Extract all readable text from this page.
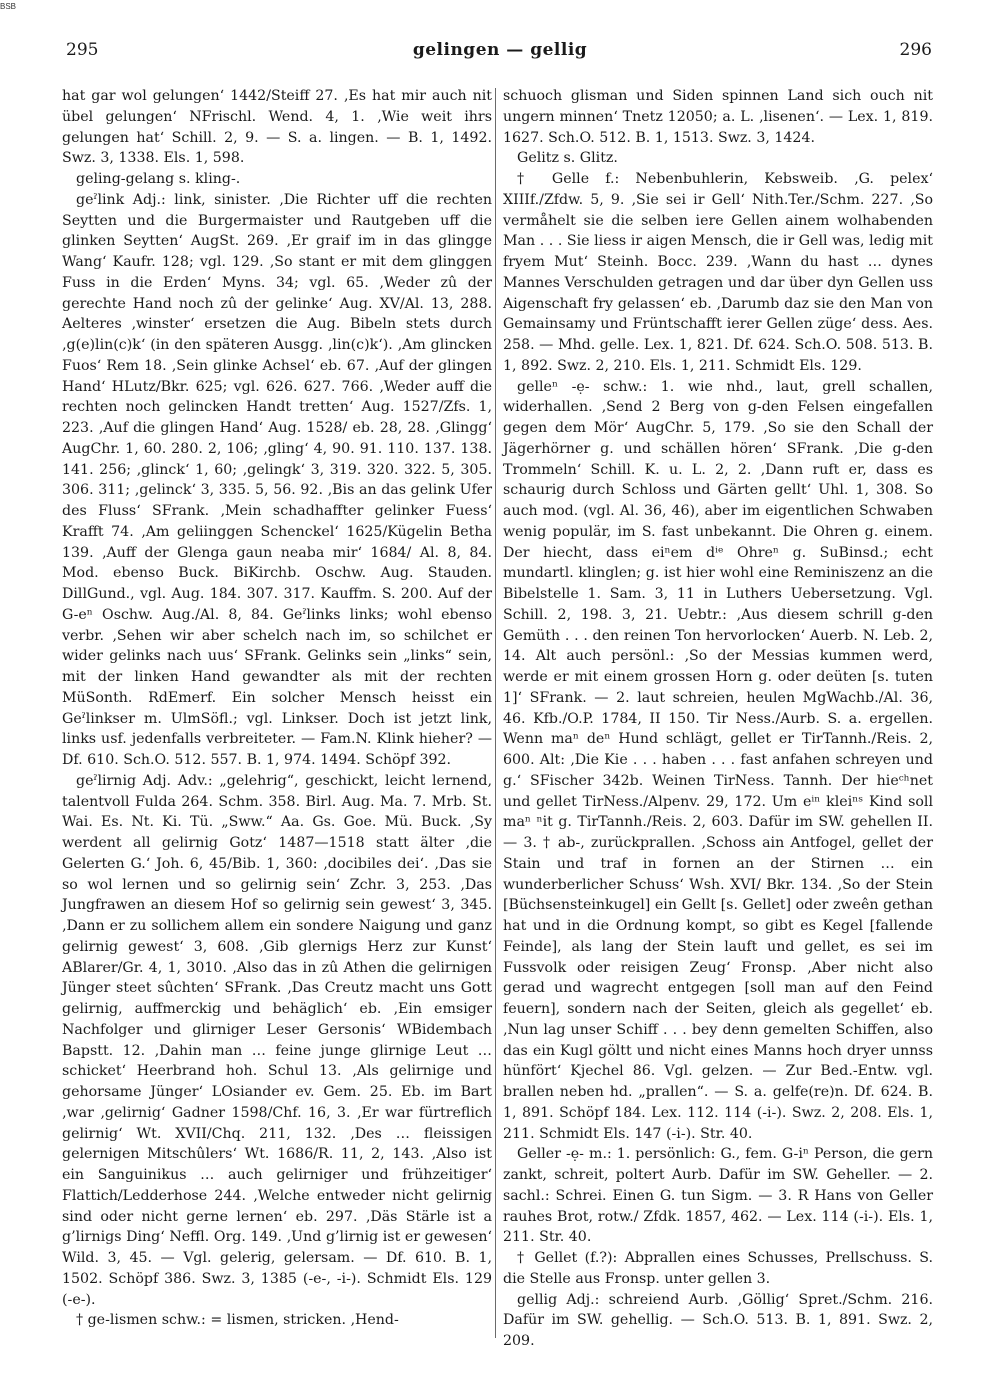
BSB
295	gelingen — gellig	296

hat gar wol gelungen‘ 1442/Steiff 27. ‚Es hat mir auch nit übel gelungen‘ NFrischl. Wend. 4, 1. ‚Wie weit ihrs gelungen hat‘ Schill. 2, 9. — S. a. lingen. — B. 1, 1492. Swz. 3, 1338. Els. 1, 598.

geling-gelang s. kling-.

geˀlink Adj.: link, sinister. ‚Die Richter uff die rechten Seytten und die Burgermaister und Rautgeben uff die glinken Seytten‘ AugSt. 269. ‚Er graif im in das glingge Wang‘ Kaufr. 128; vgl. 129. ‚So stant er mit dem glinggen Fuss in die Erden‘ Myns. 34; vgl. 65. ‚Weder zû der gerechte Hand noch zû der gelinke‘ Aug. XV/Al. 13, 288. Aelteres ‚winster‘ ersetzen die Aug. Bibeln stets durch ‚g(e)lin(c)k‘ (in den späteren Ausgg. ‚lin(c)k‘). ‚Am glincken Fuos‘ Rem 18. ‚Sein glinke Achsel‘ eb. 67. ‚Auf der glingen Hand‘ HLutz/Bkr. 625; vgl. 626. 627. 766. ‚Weder auff die rechten noch gelincken Handt tretten‘ Aug. 1527/Zfs. 1, 223. ‚Auf die glingen Hand‘ Aug. 1528/ eb. 28, 28. ‚Glingg‘ AugChr. 1, 60. 280. 2, 106; ‚gling‘ 4, 90. 91. 110. 137. 138. 141. 256; ‚glinck‘ 1, 60; ‚gelingk‘ 3, 319. 320. 322. 5, 305. 306. 311; ‚gelinck‘ 3, 335. 5, 56. 92. ‚Bis an das gelink Ufer des Fluss‘ SFrank. ‚Mein schadhaffter gelinker Fuess‘ Krafft 74. ‚Am geliinggen Schenckel‘ 1625/Kügelin Betha 139. ‚Auff der Glenga gaun neaba mir‘ 1684/ Al. 8, 84. Mod. ebenso Buck. BiKirchb. Oschw. Aug. Stauden. DillGund., vgl. Aug. 184. 307. 317. Kauffm. S. 200. Auf der G-eⁿ Oschw. Aug./Al. 8, 84. Geˀlinks links; wohl ebenso verbr. ‚Sehen wir aber schelch nach im, so schilchet er wider gelinks nach uus‘ SFrank. Gelinks sein „links“ sein, mit der linken Hand gewandter als mit der rechten MüSonth. RdEmerf. Ein solcher Mensch heisst ein Geˀlinkser m. UlmSöfl.; vgl. Linkser. Doch ist jetzt link, links usf. jedenfalls verbreiteter. — Fam.N. Klink hieher? — Df. 610. Sch.O. 512. 557. B. 1, 974. 1494. Schöpf 392.

geˀlirnig Adj. Adv.: „gelehrig“, geschickt, leicht lernend, talentvoll Fulda 264. Schm. 358. Birl. Aug. Ma. 7. Mrb. St. Wai. Es. Nt. Ki. Tü. „Sww.“ Aa. Gs. Goe. Mü. Buck. ‚Sy werdent all gelirnig Gotz‘ 1487—1518 statt älter ‚die Gelerten G.‘ Joh. 6, 45/Bib. 1, 360: ‚docibiles dei‘. ‚Das sie so wol lernen und so gelirnig sein‘ Zchr. 3, 253. ‚Das Jungfrawen an diesem Hof so gelirnig sein gewest‘ 3, 345. ‚Dann er zu sollichem allem ein sondere Naigung und ganz gelirnig gewest‘ 3, 608. ‚Gib glernigs Herz zur Kunst‘ ABlarer/Gr. 4, 1, 3010. ‚Also das in zû Athen die gelirnigen Jünger steet sûchten‘ SFrank. ‚Das Creutz macht uns Gott gelirnig, auffmerckig und behäglich‘ eb. ‚Ein emsiger Nachfolger und glirniger Leser Gersonis‘ WBidembach Bapstt. 12. ‚Dahin man … feine junge glirnige Leut … schicket‘ Heerbrand hoh. Schul 13. ‚Als gelirnige und gehorsame Jünger‘ LOsiander ev. Gem. 25. Eb. im Bart ‚war ‚gelirnig‘ Gadner 1598/Chf. 16, 3. ‚Er war fürtreflich gelirnig‘ Wt. XVII/Chq. 211, 132. ‚Des … fleissigen gelernigen Mitschûlers‘ Wt. 1686/R. 11, 2, 143. ‚Also ist ein Sanguinikus … auch gelirniger und frühzeitiger‘ Flattich/Ledderhose 244. ‚Welche entweder nicht gelirnig sind oder nicht gerne lernen‘ eb. 297. ‚Däs Stärle ist a g’lirnigs Ding‘ Neffl. Org. 149. ‚Und g’lirnig ist er gewesen‘ Wild. 3, 45. — Vgl. gelerig, gelersam. — Df. 610. B. 1, 1502. Schöpf 386. Swz. 3, 1385 (-e-, -i-). Schmidt Els. 129 (-e-).

† ge-lismen schw.: = lismen, stricken. ‚Hend-

schuoch glisman und Siden spinnen Land sich ouch nit ungern minnen‘ Tnetz 12050; a. L. ‚lisenen‘. — Lex. 1, 819. 1627. Sch.O. 512. B. 1, 1513. Swz. 3, 1424.

Gelitz s. Glitz.

† Gelle f.: Nebenbuhlerin, Kebsweib. ‚G. pelex‘ XIIIf./Zfdw. 5, 9. ‚Sie sei ir Gell‘ Nith.Ter./Schm. 227. ‚So vermåhelt sie die selben iere Gellen ainem wolhabenden Man . . . Sie liess ir aigen Mensch, die ir Gell was, ledig mit fryem Mut‘ Steinh. Bocc. 239. ‚Wann du hast … dynes Mannes Verschulden getragen und dar über dyn Gellen uss Aigenschaft fry gelassen‘ eb. ‚Darumb daz sie den Man von Gemainsamy und Früntschafft ierer Gellen züge‘ dess. Aes. 258. — Mhd. gelle. Lex. 1, 821. Df. 624. Sch.O. 508. 513. B. 1, 892. Swz. 2, 210. Els. 1, 211. Schmidt Els. 129.

gelleⁿ -ẹ- schw.: 1. wie nhd., laut, grell schallen, widerhallen. ‚Send 2 Berg von g-den Felsen eingefallen gegen dem Mör‘ AugChr. 5, 179. ‚So sie den Schall der Jägerhörner g. und schällen hören‘ SFrank. ‚Die g-den Trommeln‘ Schill. K. u. L. 2, 2. ‚Dann ruft er, dass es schaurig durch Schloss und Gärten gellt‘ Uhl. 1, 308. So auch mod. (vgl. Al. 36, 46), aber im eigentlichen Schwaben wenig populär, im S. fast unbekannt. Die Ohren g. einem. Der hiecht, dass eiⁿem dⁱᵉ Ohreⁿ g. SuBinsd.; echt mundartl. klinglen; g. ist hier wohl eine Reminiszenz an die Bibelstelle 1. Sam. 3, 11 in Luthers Uebersetzung. Vgl. Schill. 2, 198. 3, 21. Uebtr.: ‚Aus diesem schrill g-den Gemüth . . . den reinen Ton hervorlocken‘ Auerb. N. Leb. 2, 14. Alt auch persönl.: ‚So der Messias kummen werd, werde er mit einem grossen Horn g. oder deüten [s. tuten 1]‘ SFrank. — 2. laut schreien, heulen MgWachb./Al. 36, 46. Kfb./O.P. 1784, II 150. Tir Ness./Aurb. S. a. ergellen. Wenn maⁿ deⁿ Hund schlägt, gellet er TirTannh./Reis. 2, 600. Alt: ‚Die Kie . . . haben . . . fast anfahen schreyen und g.‘ SFischer 342b. Weinen TirNess. Tannh. Der hieᶜʰnet und gellet TirNess./Alpenv. 29, 172. Um eⁱⁿ kleiⁿˢ Kind soll maⁿ ⁿit g. TirTannh./Reis. 2, 603. Dafür im SW. gehellen II. — 3. † ab-, zurückprallen. ‚Schoss ain Antfogel, gellet der Stain und traf in fornen an der Stirnen … ein wunderberlicher Schuss‘ Wsh. XVI/ Bkr. 134. ‚So der Stein [Büchsensteinkugel] ein Gellt [s. Gellet] oder zweên gethan hat und in die Ordnung kompt, so gibt es Kegel [fallende Feinde], als lang der Stein lauft und gellet, es sei im Fussvolk oder reisigen Zeug‘ Fronsp. ‚Aber nicht also gerad und wagrecht entgegen [soll man auf den Feind feuern], sondern nach der Seiten, gleich als gegellet‘ eb. ‚Nun lag unser Schiff . . . bey denn gemelten Schiffen, also das ein Kugl göltt und nicht eines Manns hoch dryer unnss hünfört‘ Kjechel 86. Vgl. gelzen. — Zur Bed.-Entw. vgl. brallen neben hd. „prallen“. — S. a. gelfe(re)n. Df. 624. B. 1, 891. Schöpf 184. Lex. 112. 114 (-i-). Swz. 2, 208. Els. 1, 211. Schmidt Els. 147 (-i-). Str. 40.

Geller -ẹ- m.: 1. persönlich: G., fem. G-iⁿ Person, die gern zankt, schreit, poltert Aurb. Dafür im SW. Geheller. — 2. sachl.: Schrei. Einen G. tun Sigm. — 3. R Hans von Geller rauhes Brot, rotw./ Zfdk. 1857, 462. — Lex. 114 (-i-). Els. 1, 211. Str. 40.

† Gellet (f.?): Abprallen eines Schusses, Prellschuss. S. die Stelle aus Fronsp. unter gellen 3.

gellig Adj.: schreiend Aurb. ‚Göllig‘ Spret./Schm. 216. Dafür im SW. gehellig. — Sch.O. 513. B. 1, 891. Swz. 2, 209.
